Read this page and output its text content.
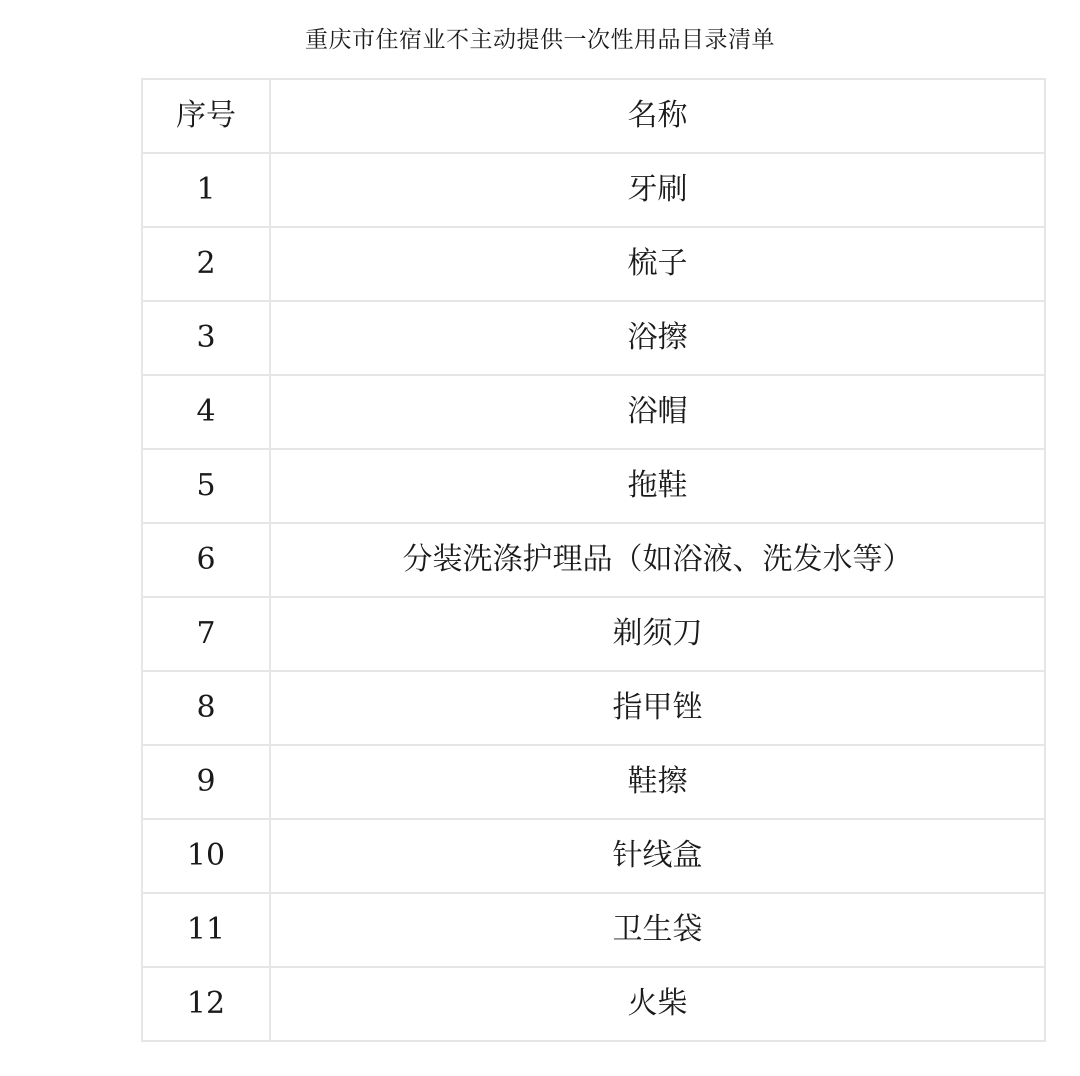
重庆市住宿业不主动提供一次性用品目录清单
序号	名称
1	牙刷
2	梳子
3	浴擦
4	浴帽
5	拖鞋
6	分装洗涤护理品（如浴液、洗发水等）
7	剃须刀
8	指甲锉
9	鞋擦
10	针线盒
11	卫生袋
12	火柴
